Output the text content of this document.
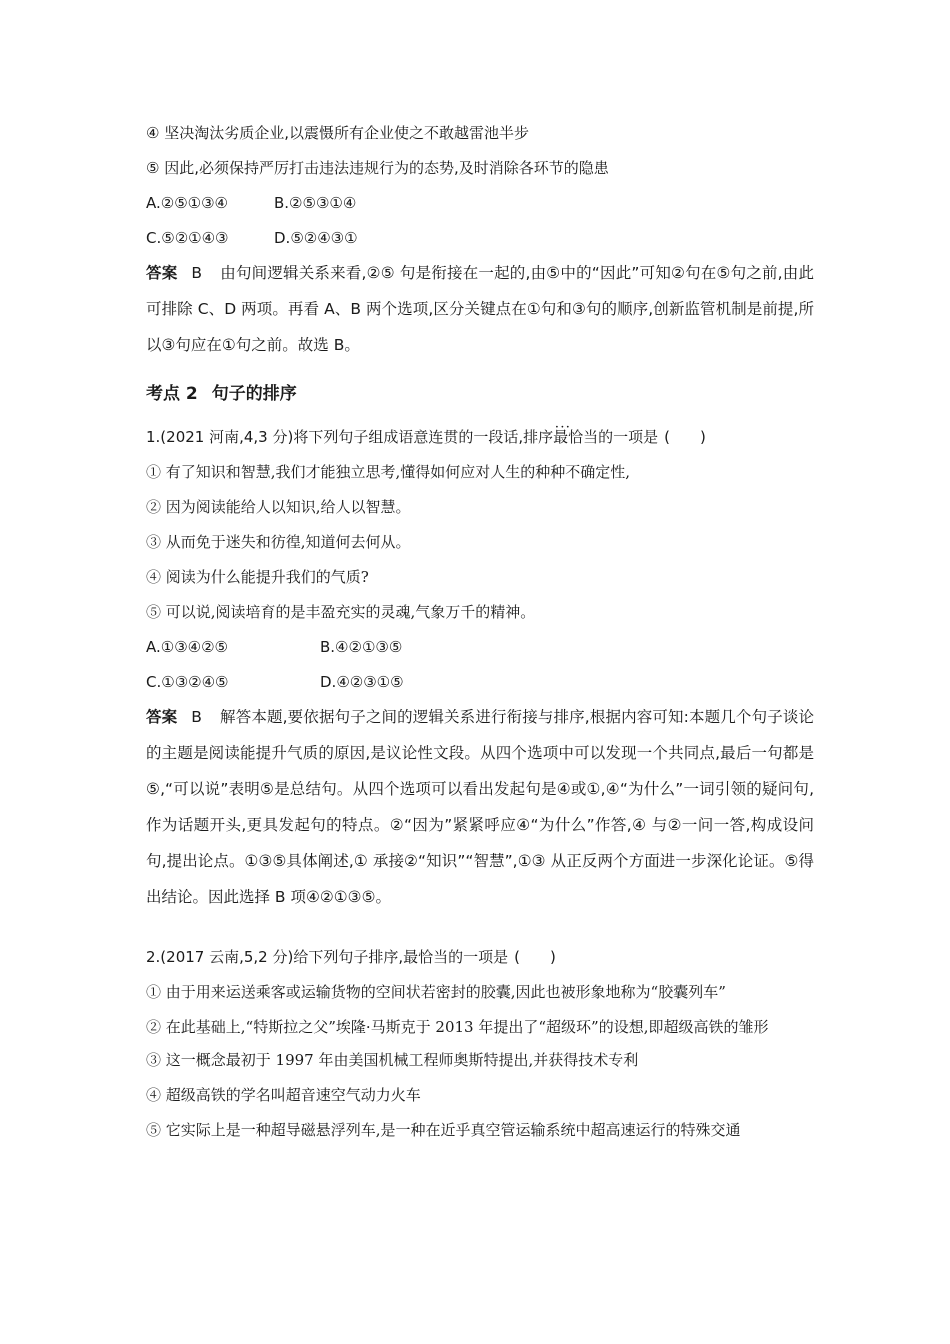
④ 坚决淘汰劣质企业,以震慑所有企业使之不敢越雷池半步
⑤ 因此,必须保持严厉打击违法违规行为的态势,及时消除各环节的隐患
A.②⑤①③④	B.②⑤③①④
C.⑤②①④③	D.⑤②④③①
答案 B 由句间逻辑关系来看,②⑤ 句是衔接在一起的,由⑤中的“因此”可知②句在⑤句之前,由此可排除 C、D 两项。再看 A、B 两个选项,区分关键点在①句和③句的顺序,创新监管机制是前提,所以③句应在①句之前。故选 B。
考点 2 句子的排序
1.(2021 河南,4,3 分)将下列句子组成语意连贯的一段话,排序• • • 最恰当的一项是 (　　)
① 有了知识和智慧,我们才能独立思考,懂得如何应对人生的种种不确定性,
② 因为阅读能给人以知识,给人以智慧。
③ 从而免于迷失和彷徨,知道何去何从。
④ 阅读为什么能提升我们的气质?
⑤ 可以说,阅读培育的是丰盈充实的灵魂,气象万千的精神。
A.①③④②⑤	B.④②①③⑤
C.①③②④⑤	D.④②③①⑤
答案 B 解答本题,要依据句子之间的逻辑关系进行衔接与排序,根据内容可知:本题几个句子谈论的主题是阅读能提升气质的原因,是议论性文段。从四个选项中可以发现一个共同点,最后一句都是⑤,“可以说”表明⑤是总结句。从四个选项可以看出发起句是④或①,④“为什么”一词引领的疑问句,作为话题开头,更具发起句的特点。②“因为”紧紧呼应④“为什么”作答,④ 与②一问一答,构成设问句,提出论点。①③⑤具体阐述,① 承接②“知识”“智慧”,①③ 从正反两个方面进一步深化论证。⑤得出结论。因此选择 B 项④②①③⑤。
2.(2017 云南,5,2 分)给下列句子排序,最恰当的一项是 (　　)
① 由于用来运送乘客或运输货物的空间状若密封的胶囊,因此也被形象地称为“胶囊列车”
② 在此基础上,“特斯拉之父”埃隆·马斯克于 2013 年提出了“超级环”的设想,即超级高铁的雏形
③ 这一概念最初于 1997 年由美国机械工程师奥斯特提出,并获得技术专利
④ 超级高铁的学名叫超音速空气动力火车
⑤ 它实际上是一种超导磁悬浮列车,是一种在近乎真空管运输系统中超高速运行的特殊交通
